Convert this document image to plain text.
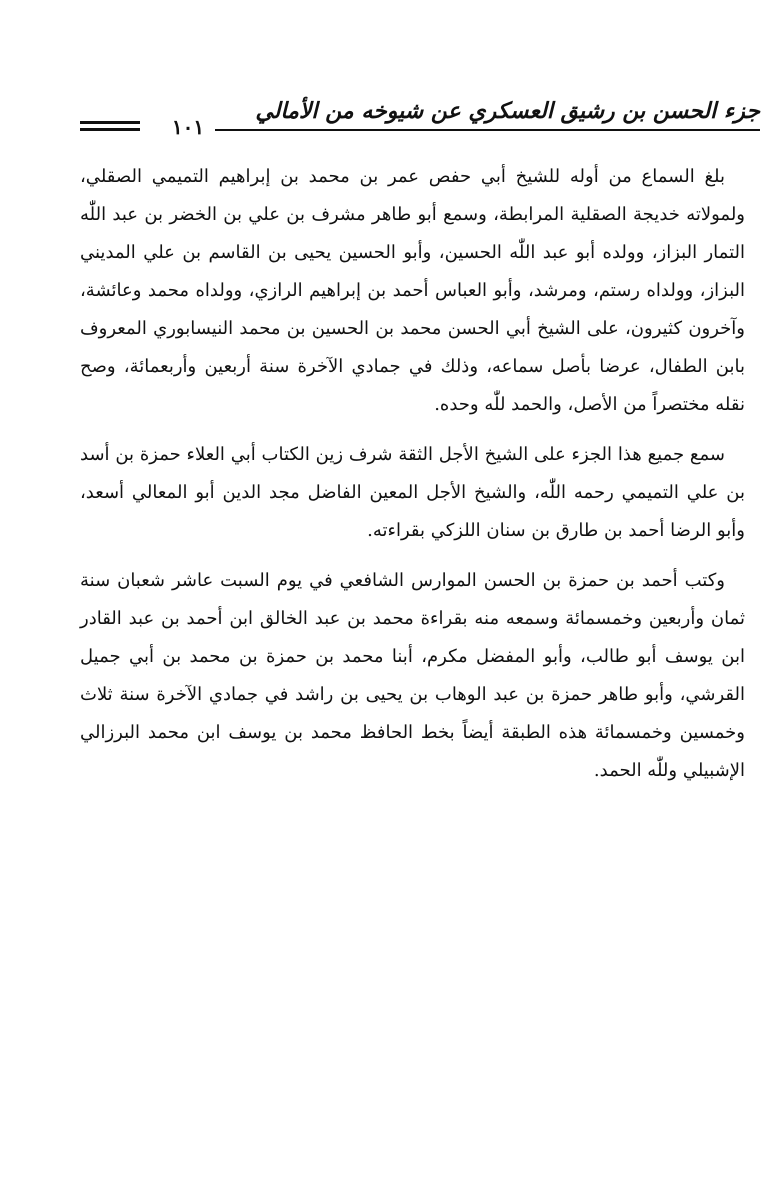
جزء الحسن بن رشيق العسكري عن شيوخه من الأمالي
١٠١

بلغ السماع من أوله للشيخ أبي حفص عمر بن محمد بن إبراهيم التميمي الصقلي، ولمولاته خديجة الصقلية المرابطة، وسمع أبو طاهر مشرف بن علي بن الخضر بن عبد اللّٰه التمار البزاز، وولده أبو عبد اللّٰه الحسين، وأبو الحسين يحيى بن القاسم بن علي المديني البزاز، وولداه رستم، ومرشد، وأبو العباس أحمد بن إبراهيم الرازي، وولداه محمد وعائشة، وآخرون كثيرون، على الشيخ أبي الحسن محمد بن الحسين بن محمد النيسابوري المعروف بابن الطفال، عرضا بأصل سماعه، وذلك في جمادي الآخرة سنة أربعين وأربعمائة، وصح نقله مختصراً من الأصل، والحمد للّٰه وحده.

سمع جميع هذا الجزء على الشيخ الأجل الثقة شرف زين الكتاب أبي العلاء حمزة بن أسد بن علي التميمي رحمه اللّٰه، والشيخ الأجل المعين الفاضل مجد الدين أبو المعالي أسعد، وأبو الرضا أحمد بن طارق بن سنان اللزكي بقراءته.

وكتب أحمد بن حمزة بن الحسن الموارس الشافعي في يوم السبت عاشر شعبان سنة ثمان وأربعين وخمسمائة وسمعه منه بقراءة محمد بن عبد الخالق ابن أحمد بن عبد القادر ابن يوسف أبو طالب، وأبو المفضل مكرم، أبنا محمد بن حمزة بن محمد بن أبي جميل القرشي، وأبو طاهر حمزة بن عبد الوهاب بن يحيى بن راشد في جمادي الآخرة سنة ثلاث وخمسين وخمسمائة هذه الطبقة أيضاً بخط الحافظ محمد بن يوسف ابن محمد البرزالي الإشبيلي وللّٰه الحمد.
